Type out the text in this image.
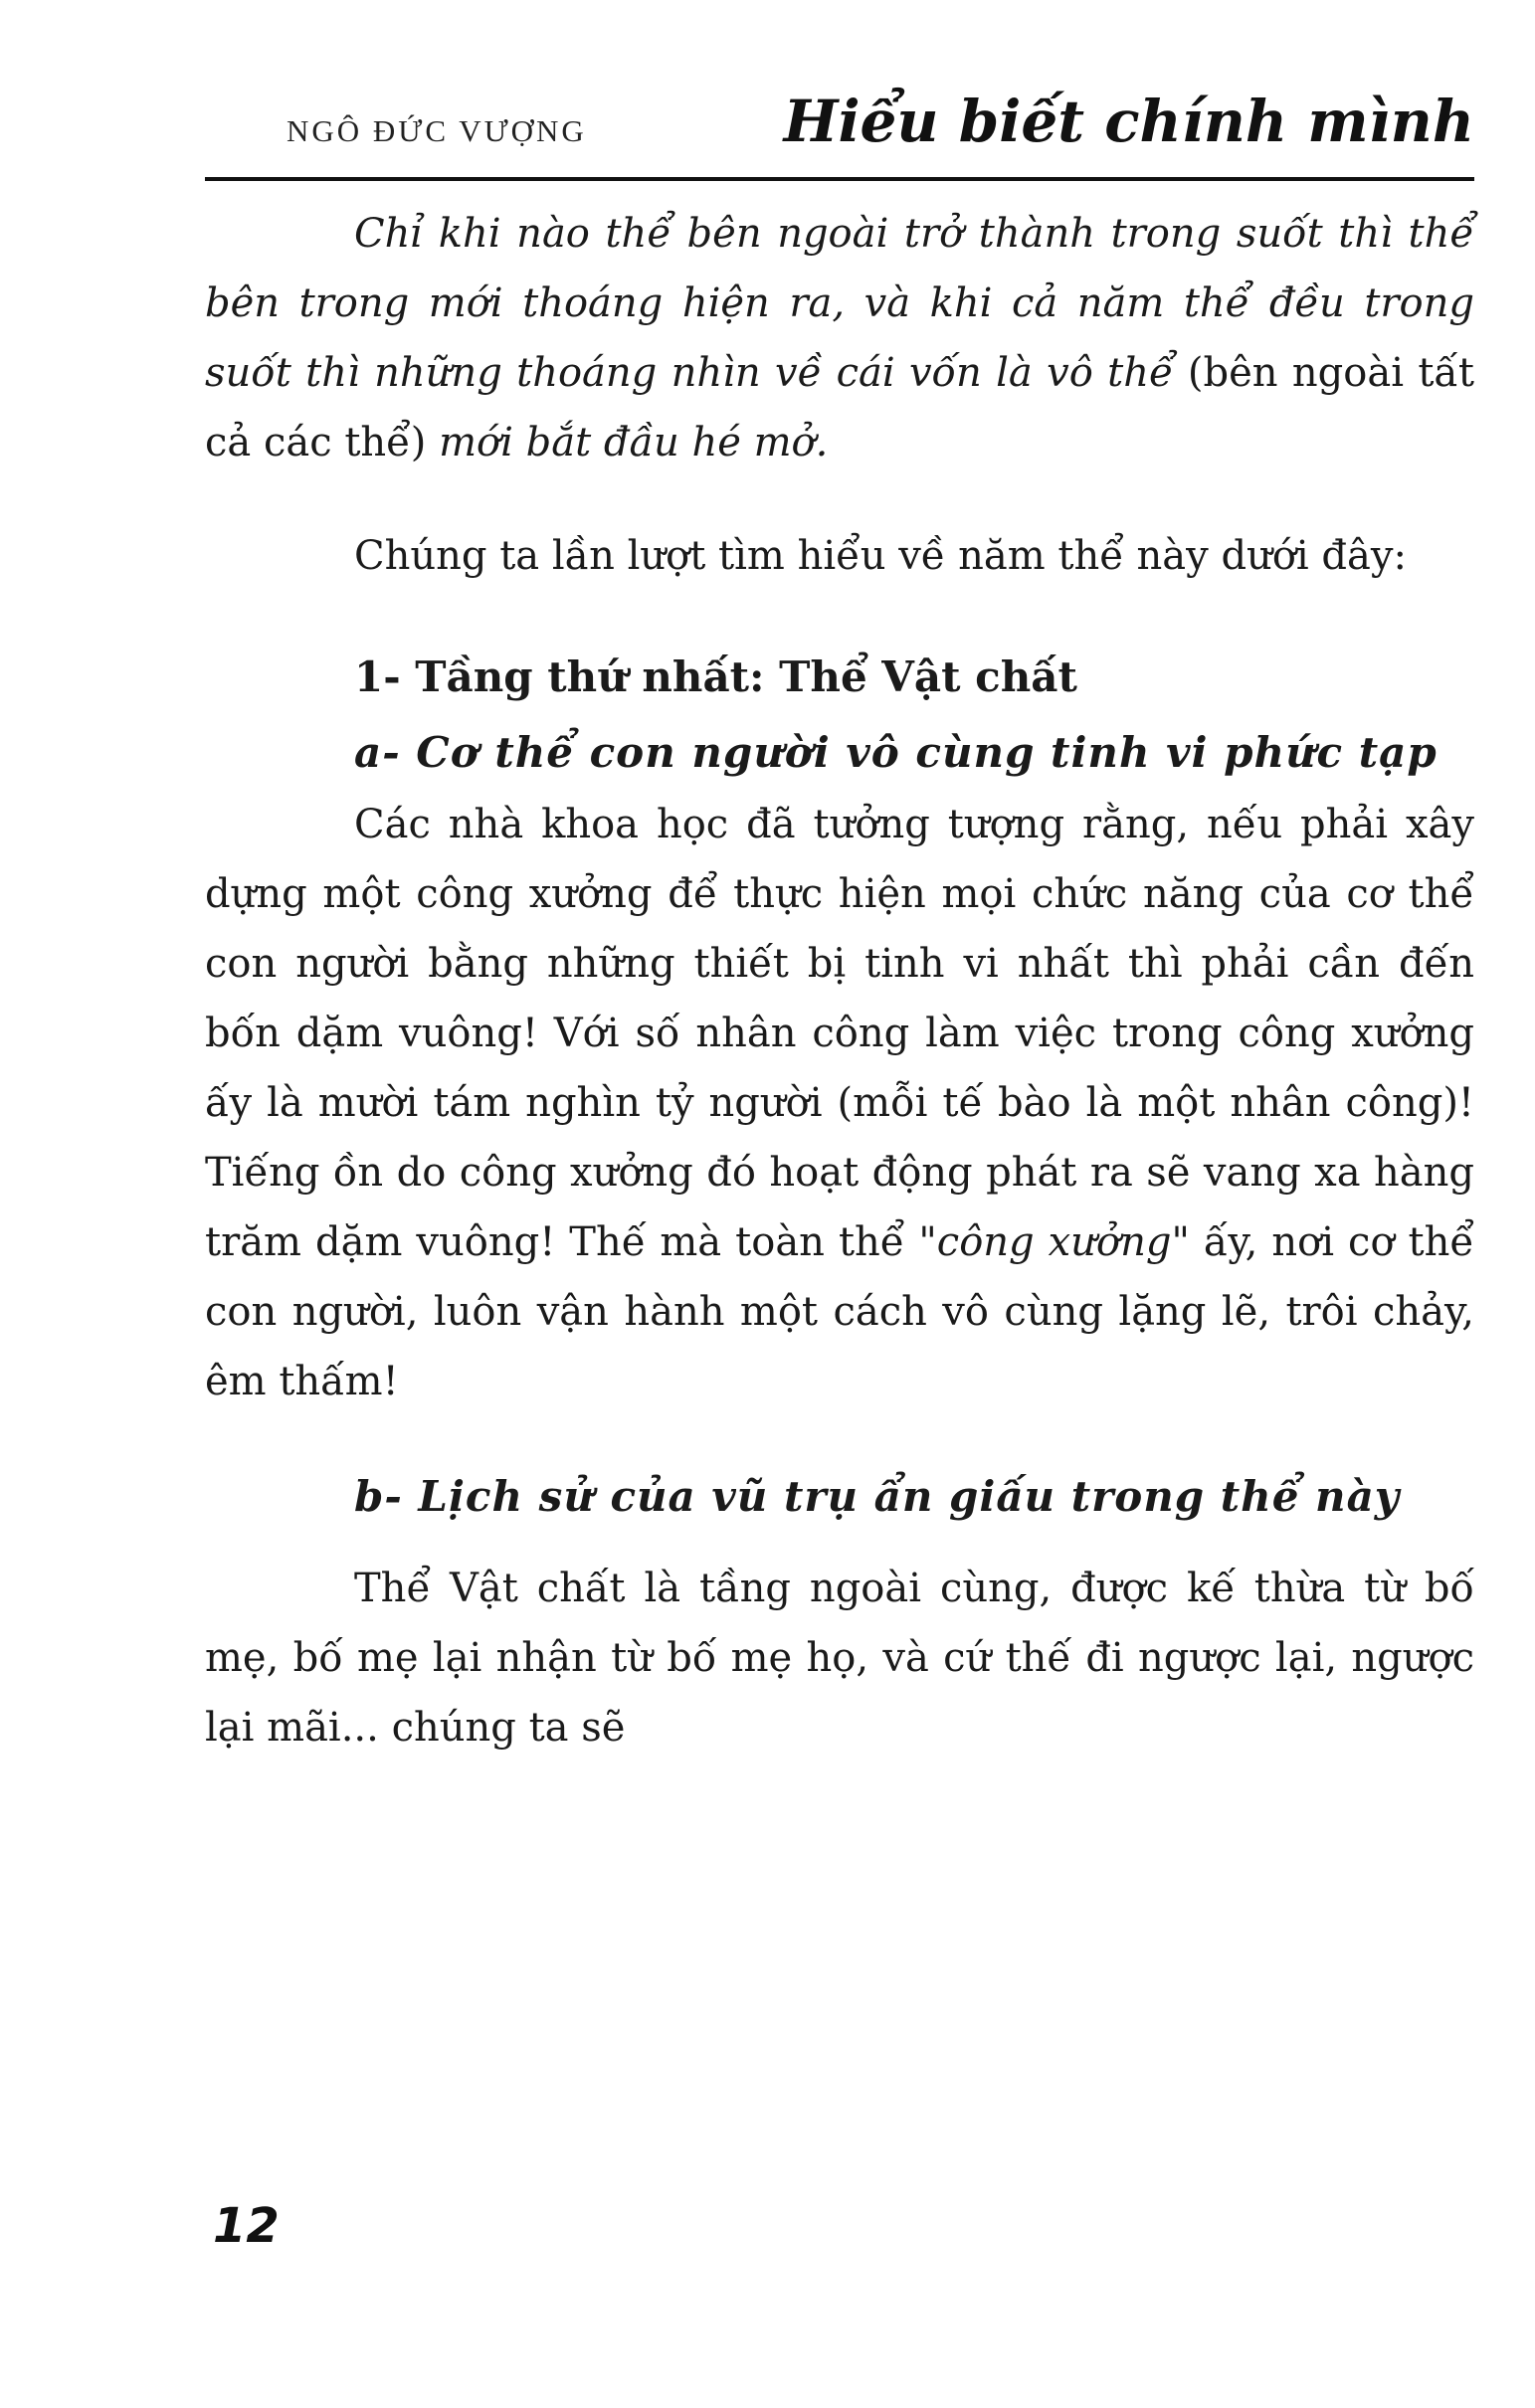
NGÔ ĐỨC VƯỢNG	Hiểu biết chính mình

Chỉ khi nào thể bên ngoài trở thành trong suốt thì thể bên trong mới thoáng hiện ra, và khi cả năm thể đều trong suốt thì những thoáng nhìn về cái vốn là vô thể (bên ngoài tất cả các thể) mới bắt đầu hé mở.

Chúng ta lần lượt tìm hiểu về năm thể này dưới đây:

1- Tầng thứ nhất: Thể Vật chất
a- Cơ thể con người vô cùng tinh vi phức tạp

Các nhà khoa học đã tưởng tượng rằng, nếu phải xây dựng một công xưởng để thực hiện mọi chức năng của cơ thể con người bằng những thiết bị tinh vi nhất thì phải cần đến bốn dặm vuông! Với số nhân công làm việc trong công xưởng ấy là mười tám nghìn tỷ người (mỗi tế bào là một nhân công)! Tiếng ồn do công xưởng đó hoạt động phát ra sẽ vang xa hàng trăm dặm vuông! Thế mà toàn thể "công xưởng" ấy, nơi cơ thể con người, luôn vận hành một cách vô cùng lặng lẽ, trôi chảy, êm thấm!

b- Lịch sử của vũ trụ ẩn giấu trong thể này

Thể Vật chất là tầng ngoài cùng, được kế thừa từ bố mẹ, bố mẹ lại nhận từ bố mẹ họ, và cứ thế đi ngược lại, ngược lại mãi... chúng ta sẽ

12
